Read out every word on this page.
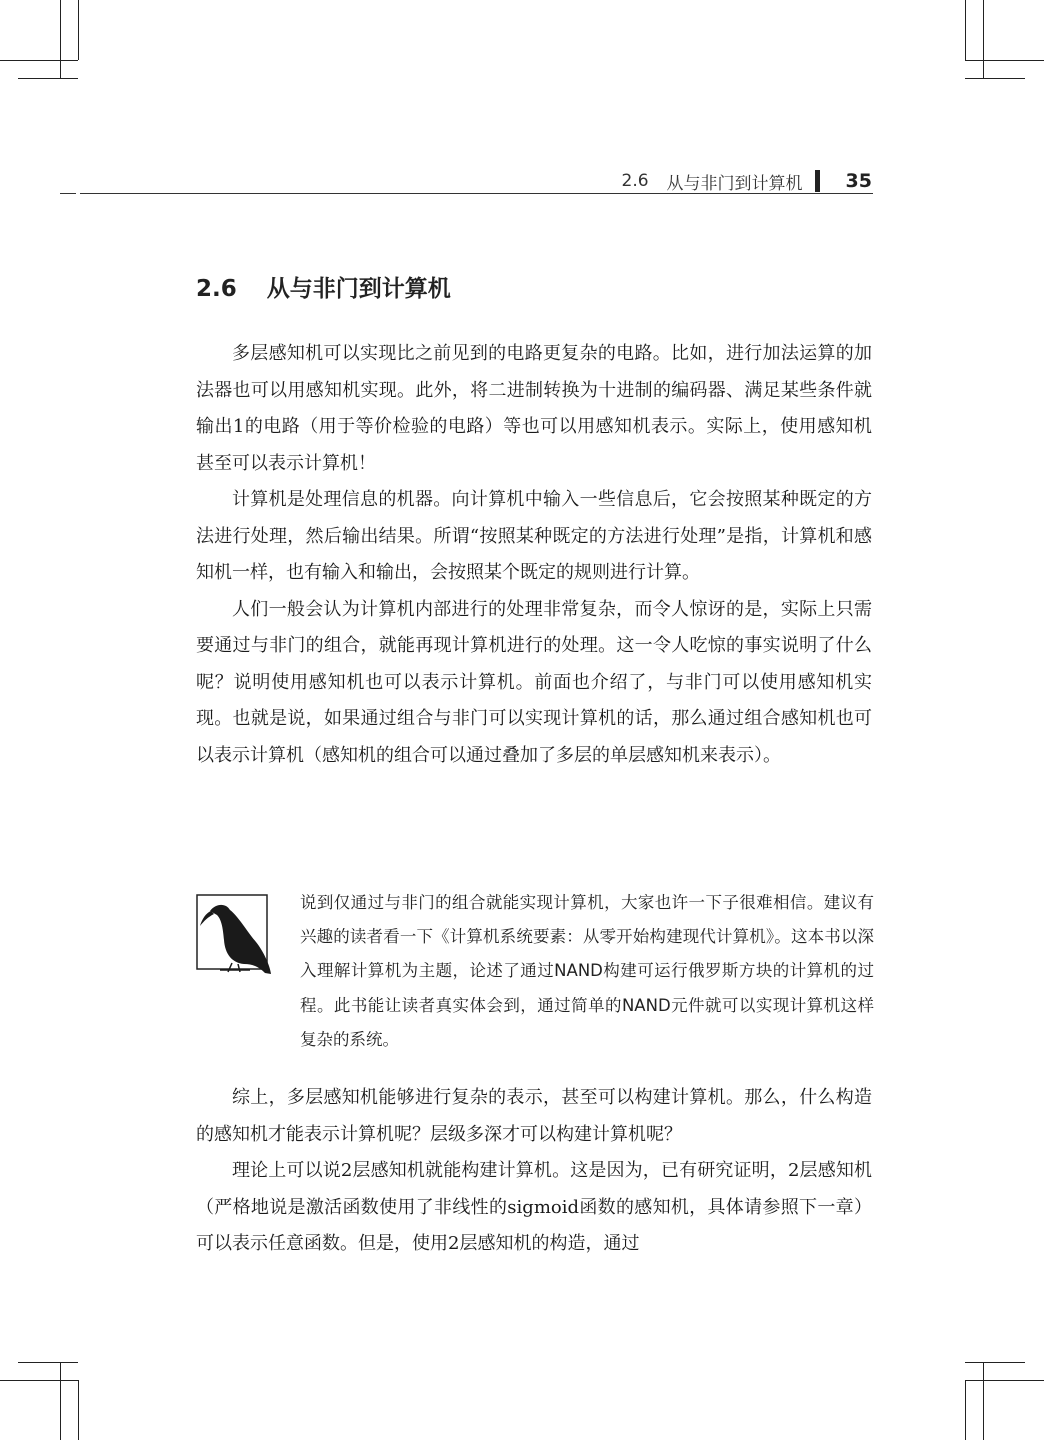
2.6 从与非门到计算机 35
2.6 从与非门到计算机

多层感知机可以实现比之前见到的电路更复杂的电路。比如，进行加法运算的加法器也可以用感知机实现。此外，将二进制转换为十进制的编码器、满足某些条件就输出1的电路（用于等价检验的电路）等也可以用感知机表示。实际上，使用感知机甚至可以表示计算机！

计算机是处理信息的机器。向计算机中输入一些信息后，它会按照某种既定的方法进行处理，然后输出结果。所谓“按照某种既定的方法进行处理”是指，计算机和感知机一样，也有输入和输出，会按照某个既定的规则进行计算。

人们一般会认为计算机内部进行的处理非常复杂，而令人惊讶的是，实际上只需要通过与非门的组合，就能再现计算机进行的处理。这一令人吃惊的事实说明了什么呢？说明使用感知机也可以表示计算机。前面也介绍了，与非门可以使用感知机实现。也就是说，如果通过组合与非门可以实现计算机的话，那么通过组合感知机也可以表示计算机（感知机的组合可以通过叠加了多层的单层感知机来表示）。

说到仅通过与非门的组合就能实现计算机，大家也许一下子很难相信。建议有兴趣的读者看一下《计算机系统要素：从零开始构建现代计算机》。这本书以深入理解计算机为主题，论述了通过NAND构建可运行俄罗斯方块的计算机的过程。此书能让读者真实体会到，通过简单的NAND元件就可以实现计算机这样复杂的系统。

综上，多层感知机能够进行复杂的表示，甚至可以构建计算机。那么，什么构造的感知机才能表示计算机呢？层级多深才可以构建计算机呢？

理论上可以说2层感知机就能构建计算机。这是因为，已有研究证明，2层感知机（严格地说是激活函数使用了非线性的sigmoid函数的感知机，具体请参照下一章）可以表示任意函数。但是，使用2层感知机的构造，通过
